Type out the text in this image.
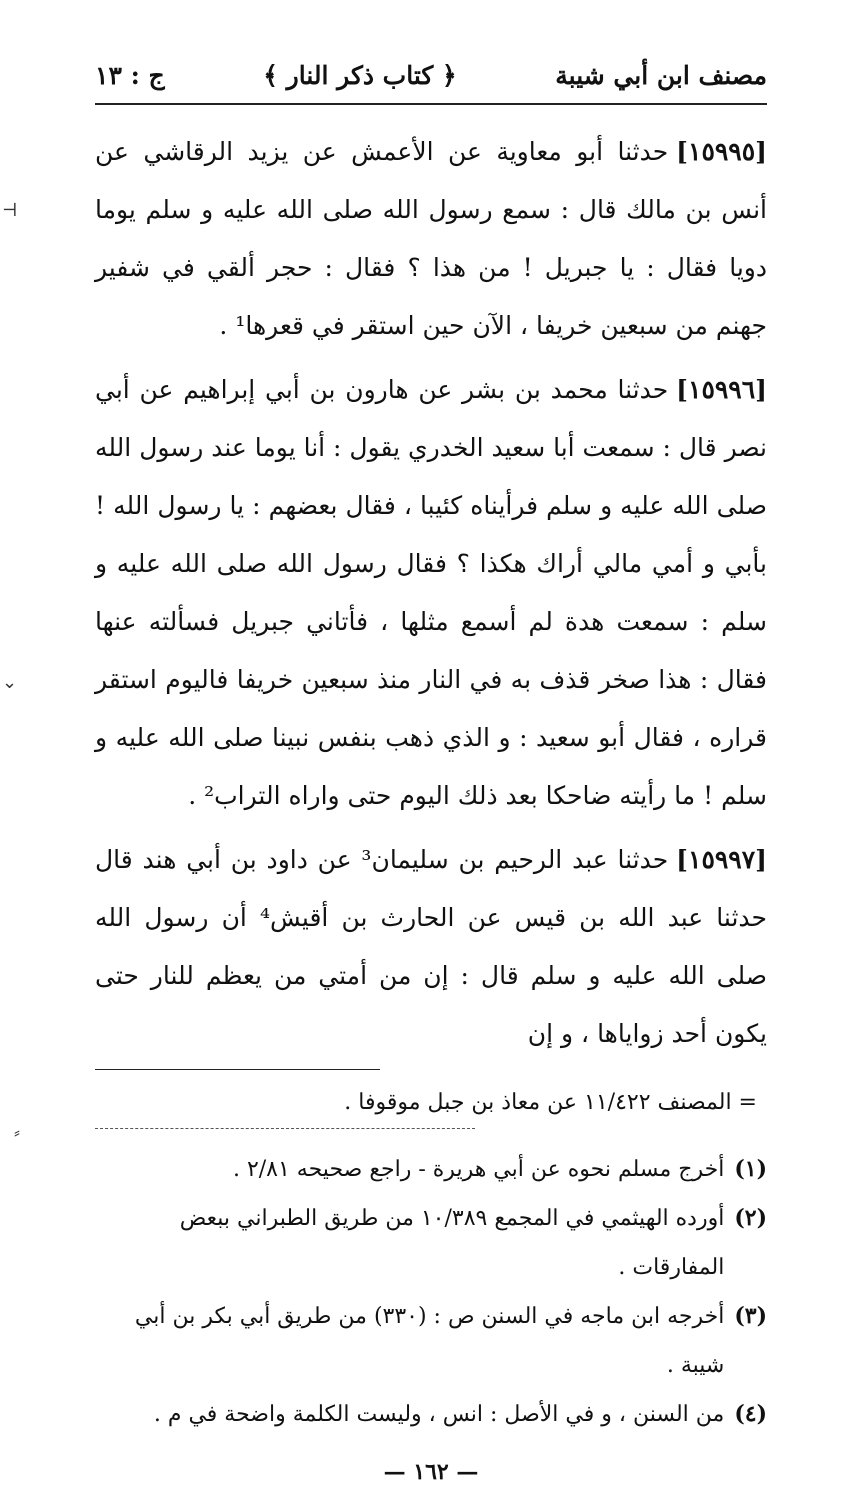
مصنف ابن أبي شيبة
﴿ كتاب ذكر النار ﴾
ج : ١٣

[١٥٩٩٥]حدثنا أبو معاوية عن الأعمش عن يزيد الرقاشي عن أنس بن مالك قال : سمع رسول الله صلى الله عليه و سلم يوما دويا فقال : يا جبريل ! من هذا ؟ فقال : حجر ألقي في شفير جهنم من سبعين خريفا ، الآن حين استقر في قعرها¹ .

[١٥٩٩٦]حدثنا محمد بن بشر عن هارون بن أبي إبراهيم عن أبي نصر قال : سمعت أبا سعيد الخدري يقول : أنا يوما عند رسول الله صلى الله عليه و سلم فرأيناه كئيبا ، فقال بعضهم : يا رسول الله ! بأبي و أمي مالي أراك هكذا ؟ فقال رسول الله صلى الله عليه و سلم : سمعت هدة لم أسمع مثلها ، فأتاني جبريل فسألته عنها فقال : هذا صخر قذف به في النار منذ سبعين خريفا فاليوم استقر قراره ، فقال أبو سعيد : و الذي ذهب بنفس نبينا صلى الله عليه و سلم ! ما رأيته ضاحكا بعد ذلك اليوم حتى واراه التراب² .

[١٥٩٩٧]حدثنا عبد الرحيم بن سليمان³ عن داود بن أبي هند قال حدثنا عبد الله بن قيس عن الحارث بن أقيش⁴ أن رسول الله صلى الله عليه و سلم قال : إن من أمتي من يعظم للنار حتى يكون أحد زواياها ، و إن

= المصنف ١١/٤٢٢ عن معاذ بن جبل موقوفا .
(١)
أخرج مسلم نحوه عن أبي هريرة - راجع صحيحه ٢/٨١ .
(٢)
أورده الهيثمي في المجمع ١٠/٣٨٩ من طريق الطبراني ببعض المفارقات .
(٣)
أخرجه ابن ماجه في السنن ص : (٣٣٠) من طريق أبي بكر بن أبي شيبة .
(٤)
من السنن ، و في الأصل : انس ، وليست الكلمة واضحة في م .
— ١٦٢ —
⊢
⌄
⸗
